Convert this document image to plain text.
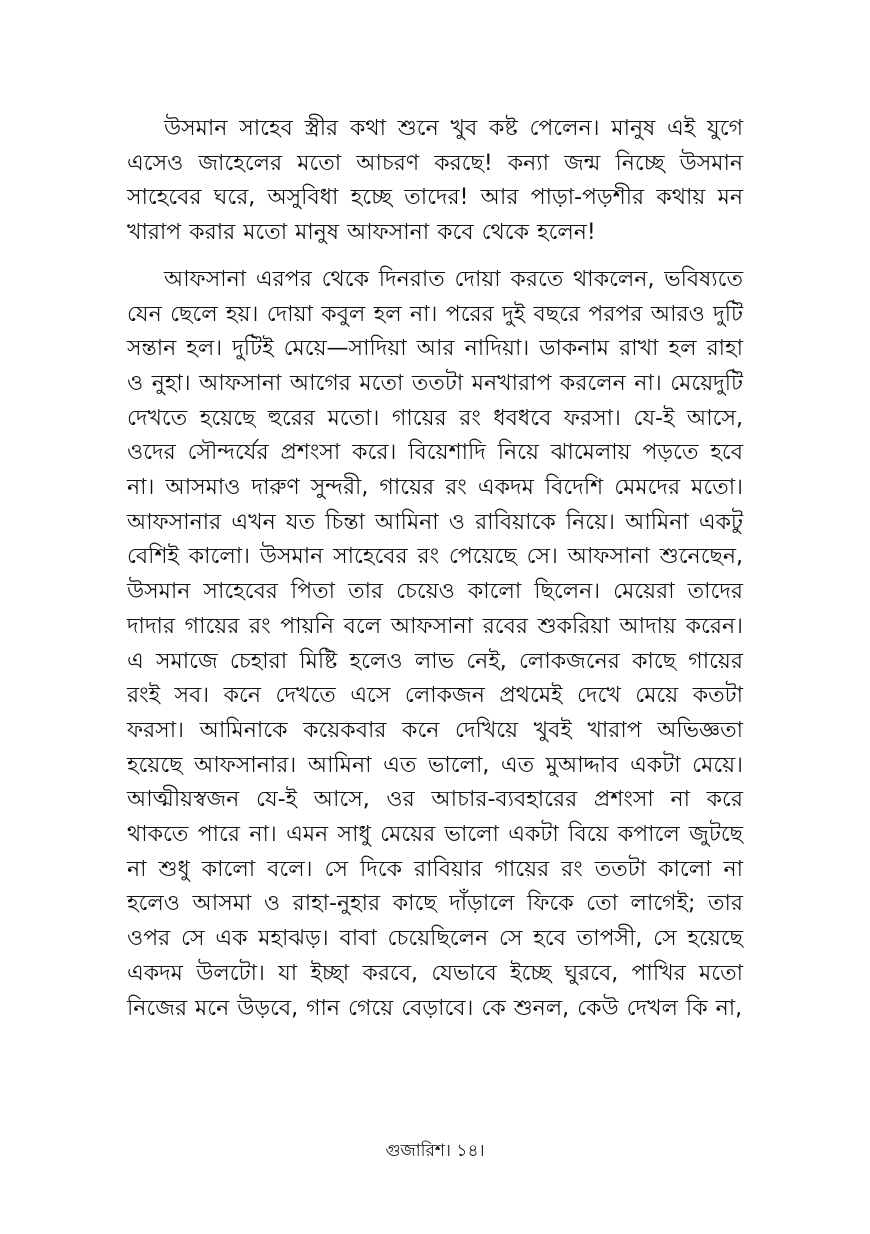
উসমান সাহেব স্ত্রীর কথা শুনে খুব কষ্ট পেলেন। মানুষ এই যুগে এসেও জাহেলের মতো আচরণ করছে! কন্যা জন্ম নিচ্ছে উসমান সাহেবের ঘরে, অসুবিধা হচ্ছে তাদের! আর পাড়া-পড়শীর কথায় মন খারাপ করার মতো মানুষ আফসানা কবে থেকে হলেন!

আফসানা এরপর থেকে দিনরাত দোয়া করতে থাকলেন, ভবিষ্যতে যেন ছেলে হয়। দোয়া কবুল হল না। পরের দুই বছরে পরপর আরও দুটি সন্তান হল। দুটিই মেয়ে—সাদিয়া আর নাদিয়া। ডাকনাম রাখা হল রাহা ও নুহা। আফসানা আগের মতো ততটা মনখারাপ করলেন না। মেয়েদুটি দেখতে হয়েছে হুরের মতো। গায়ের রং ধবধবে ফরসা। যে-ই আসে, ওদের সৌন্দর্যের প্রশংসা করে। বিয়েশাদি নিয়ে ঝামেলায় পড়তে হবে না। আসমাও দারুণ সুন্দরী, গায়ের রং একদম বিদেশি মেমদের মতো। আফসানার এখন যত চিন্তা আমিনা ও রাবিয়াকে নিয়ে। আমিনা একটু বেশিই কালো। উসমান সাহেবের রং পেয়েছে সে। আফসানা শুনেছেন, উসমান সাহেবের পিতা তার চেয়েও কালো ছিলেন। মেয়েরা তাদের দাদার গায়ের রং পায়নি বলে আফসানা রবের শুকরিয়া আদায় করেন। এ সমাজে চেহারা মিষ্টি হলেও লাভ নেই, লোকজনের কাছে গায়ের রংই সব। কনে দেখতে এসে লোকজন প্রথমেই দেখে মেয়ে কতটা ফরসা। আমিনাকে কয়েকবার কনে দেখিয়ে খুবই খারাপ অভিজ্ঞতা হয়েছে আফসানার। আমিনা এত ভালো, এত মুআদ্দাব একটা মেয়ে। আত্মীয়স্বজন যে-ই আসে, ওর আচার-ব্যবহারের প্রশংসা না করে থাকতে পারে না। এমন সাধু মেয়ের ভালো একটা বিয়ে কপালে জুটছে না শুধু কালো বলে। সে দিকে রাবিয়ার গায়ের রং ততটা কালো না হলেও আসমা ও রাহা-নুহার কাছে দাঁড়ালে ফিকে তো লাগেই; তার ওপর সে এক মহাঝড়। বাবা চেয়েছিলেন সে হবে তাপসী, সে হয়েছে একদম উলটো। যা ইচ্ছা করবে, যেভাবে ইচ্ছে ঘুরবে, পাখির মতো নিজের মনে উড়বে, গান গেয়ে বেড়াবে। কে শুনল, কেউ দেখল কি না,

গুজারিশ। ১৪।
